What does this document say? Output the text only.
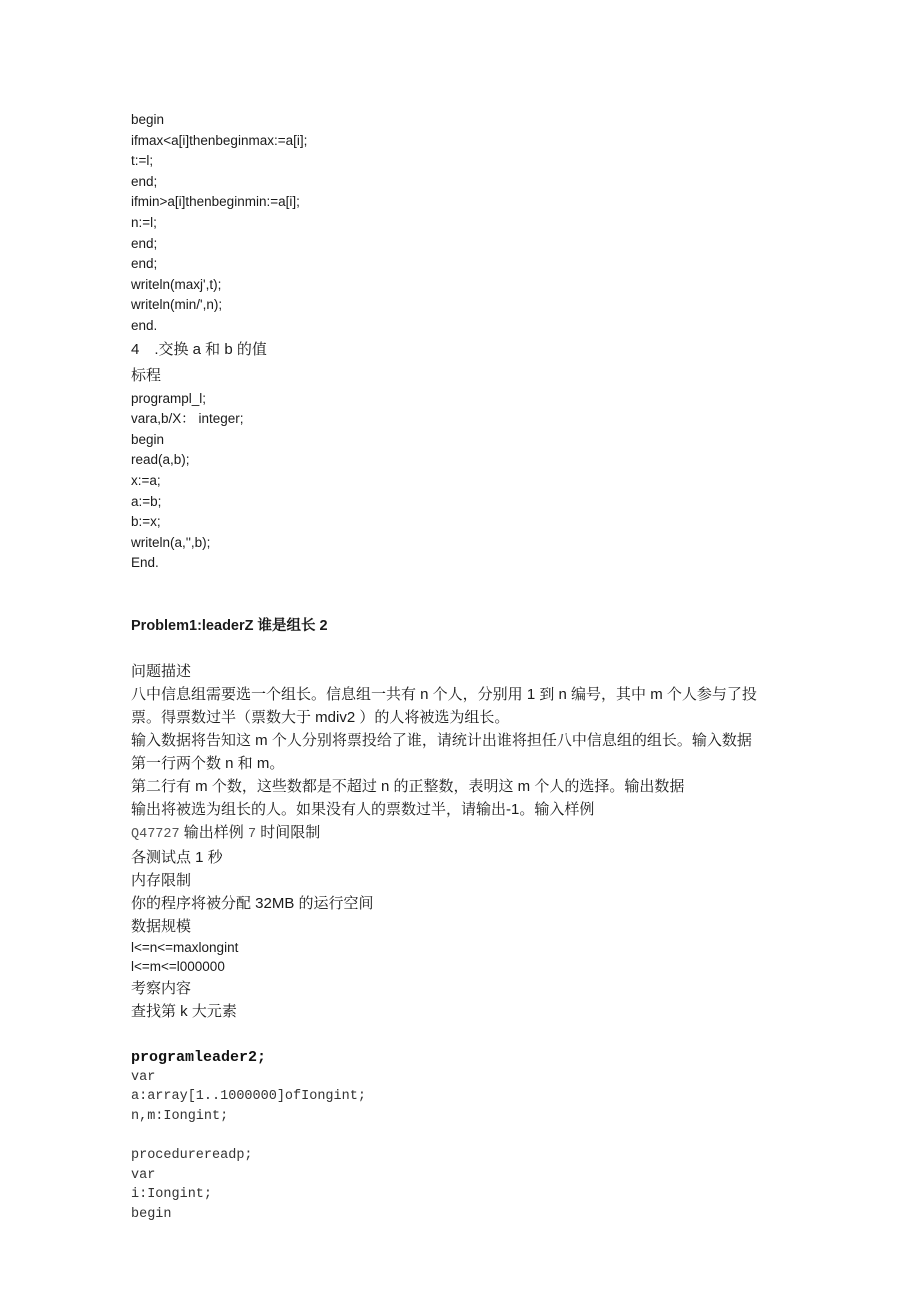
begin
ifmax<a[i]thenbeginmax:=a[i];
t:=l;
end;
ifmin>a[i]thenbeginmin:=a[i];
n:=l;
end;
end;
writeln(maxj',t);
writeln(min/',n);
end.
4　.交换 a 和 b 的值
标程
programpl_l;
vara,b/X： integer;
begin
read(a,b);
x:=a;
a:=b;
b:=x;
writeln(a,'',b);
End.
Problem1:leaderZ 谁是组长 2
问题描述
八中信息组需要选一个组长。信息组一共有 n 个人，分别用 1 到 n 编号，其中 m 个人参与了投
票。得票数过半（票数大于 mdiv2 ）的人将被选为组长。
输入数据将告知这 m 个人分别将票投给了谁，请统计出谁将担任八中信息组的组长。输入数据
第一行两个数 n 和 m。
第二行有 m 个数，这些数都是不超过 n 的正整数，表明这 m 个人的选择。输出数据
输出将被选为组长的人。如果没有人的票数过半，请输出-1。输入样例
Q47727 输出样例 7 时间限制
各测试点 1 秒
内存限制
你的程序将被分配 32MB 的运行空间
数据规模
l<=n<=maxlongint
l<=m<=l000000
考察内容
查找第 k 大元素
programleader2;
var
a:array[1..1000000]ofIongint;
n,m:Iongint;
procedurereadp;
var
i:Iongint;
begin
